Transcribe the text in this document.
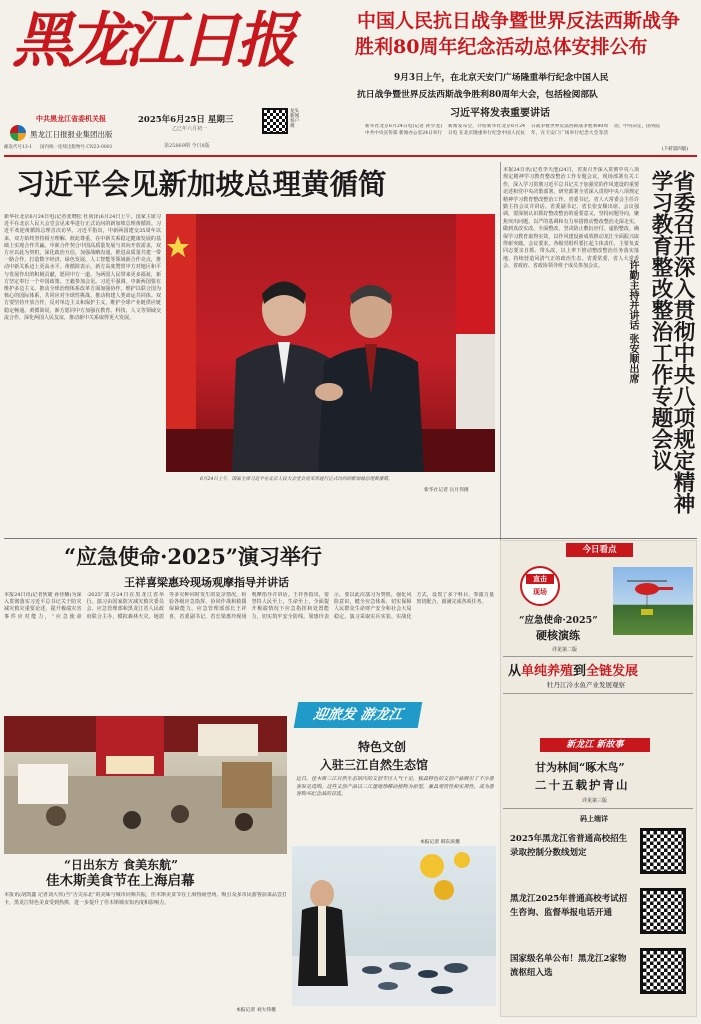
黑龙江日报
中共黑龙江省委机关报
黑龙江日报报业集团出版
邮发代号13-1 国内统一连续出版物号 CN23-0001
2025年6月25日 星期三
乙巳年六月初一
第25869期 今日8版
龙头新闻客户端
中国人民抗日战争暨世界反法西斯战争
胜利80周年纪念活动总体安排公布
9月3日上午，在北京天安门广场隆重举行纪念中国人民
抗日战争暨世界反法西斯战争胜利80周年大会，包括检阅部队
习近平将发表重要讲话
新华社北京6月24日电(记者 孙少龙)中共中央宣传部 新闻办公室24日举行新闻发布会，介绍新华社北京6月24日电 在北京隆重举行纪念中国人民抗日战争暨世界反法西斯战争胜利80周年，在天安门广场举行纪念大会等活动。中央决定，国务院
(下转第四版)
习近平会见新加坡总理黄循简
新华社北京6月24日电(记者张晓松 杜尚泽)6月24日上午，国家主席习近平在北京人民大会堂会见来华进行正式访问的新加坡总理黄循简。习近平欢迎黄循简总理首次访华。习近平指出，中新两国建交35周年以来，双方始终坚持相互理解、彼此尊重，在中新关系稳定健康发展的基础上实现合作共赢。中新合作契合中国高质量发展与双向开放需求，双方应以此为契机，深化政治互信，加强战略沟通，推进高质量共建一带一路合作，打造数字经济、绿色发展、人工智能等领域新合作亮点，推动中新关系迈上更高水平。黄循简表示，新方高度赞赏中方对地区和平与发展作出的积极贡献，愿同中方一道，为两国人民带来更多福祉，新方坚定奉行一个中国政策。王毅参加会见。习近平强调，中新两国要在维护多边主义、推动全球治理体系改革方面加强协作，维护以联合国为核心的国际体系，共同应对全球性挑战，推动构建人类命运共同体。双方要坚持开放合作，反对单边主义和保护主义，维护全球产业链供应链稳定畅通。黄循简说，新方愿同中方加强在教育、科技、人文等领域交流合作，深化两国人民友谊，推动新中关系取得更大发展。
6月24日上午，国家主席习近平在北京人民大会堂会见来华进行正式访问的新加坡总理黄循简。
新华社记者 岳月伟摄
本报24日讯(记者李天池)24日，省委召开深入贯彻中央八项规定精神学习教育整改整治工作专题会议，现场部署有关工作，深入学习贯彻习近平总书记关于加强党的作风建设的重要论述和党中央决策部署，研究部署全省深入贯彻中央八项规定精神学习教育整改整治工作。省委书记、省人大常委会主任许勤主持会议并讲话。省委副书记、省长张安顺出席。会议强调，要深刻认识抓好整改整治的重要意义，坚持问题导向，聚焦突出问题，以严的基调和有力举措推动整改整治走深走实，做到真改实改、全面整改，坚决防止敷衍应付、虚假整改，确保学习教育取得实效，以作风建设新成效推动龙江全面振兴取得新突破。会议要求，各级党组织要扛起主体责任，主要负责同志要亲自抓、带头改，以上率下推动整改整治任务落实落地，持续营造风清气正的政治生态。省委常委，省人大常委会、省政府、省政协领导班子成员参加会议。	省委召开深入贯彻中央八项规定精神学习教育整改整治工作专题会议
许勤主持并讲话 张安顺出席
“应急使命·2025”演习举行
王祥喜梁惠玲现场观摩指导并讲话
本报24日讯(记者狄婕 孙佳楠)为深入贯彻落实习近平总书记关于防灾减灾救灾重要论述，提升极端灾害事件应对能力，“应急使命·2025”演习24日在黑龙江省举行。演习由国家防灾减灾救灾委员会、应急管理部和黑龙江省人民政府联合主办，模拟森林火灾、地震等多灾种同时发生的复杂情况，检验各级应急指挥、协同作战和救援保障能力。应急管理部部长王祥喜，省委副书记、省长梁惠玲现场观摩指导并讲话。王祥喜指出，要坚持人民至上、生命至上，全面提升极端情况下应急指挥和处置能力，切实筑牢安全防线。梁惠玲表示，要以此次演习为契机，强化风险意识，健全应急体系，切实保障人民群众生命财产安全和社会大局稳定。演习采取实兵实装、实战化方式，设置了多个科目，参演力量密切配合，圆满完成各项任务。
“日出东方 食美东航”
佳木斯美食节在上海启幕
本报讯(胡凯鑫 记者刘大伟)当“舌尖东北”的美味与城市同频共振，佳木斯美食节在上海热闹登场，吸引众多市民游客前来品尝打卡，黑龙江特色美食受到热捧，进一步提升了佳木斯城市知名度和影响力。
本报记者 刘大伟摄
迎旅发 游龙江
特色文创
入驻三江自然生态馆
近日，佳木斯三江自然生态馆内的文创专区人气十足，独具特色的文创产品吸引了不少游客驻足选购。这些文创产品以三江湿地珍稀动植物为原型，兼具观赏性和实用性，成为游客购买纪念品的首选。
本报记者 韩东滨摄
今日看点
直击
现场
“应急使命·2025”
硬核演练
详见第二版
从单纯养殖到全链发展
牡丹江冷水鱼产业发展观察
新龙江 新故事
甘为林间“啄木鸟”
二十五载护青山
详见第三版
码上端详
2025年黑龙江省普通高校招生录取控制分数线划定
黑龙江2025年普通高校考试招生咨询、监督举报电话开通
国家级名单公布！黑龙江2家物流枢纽入选
